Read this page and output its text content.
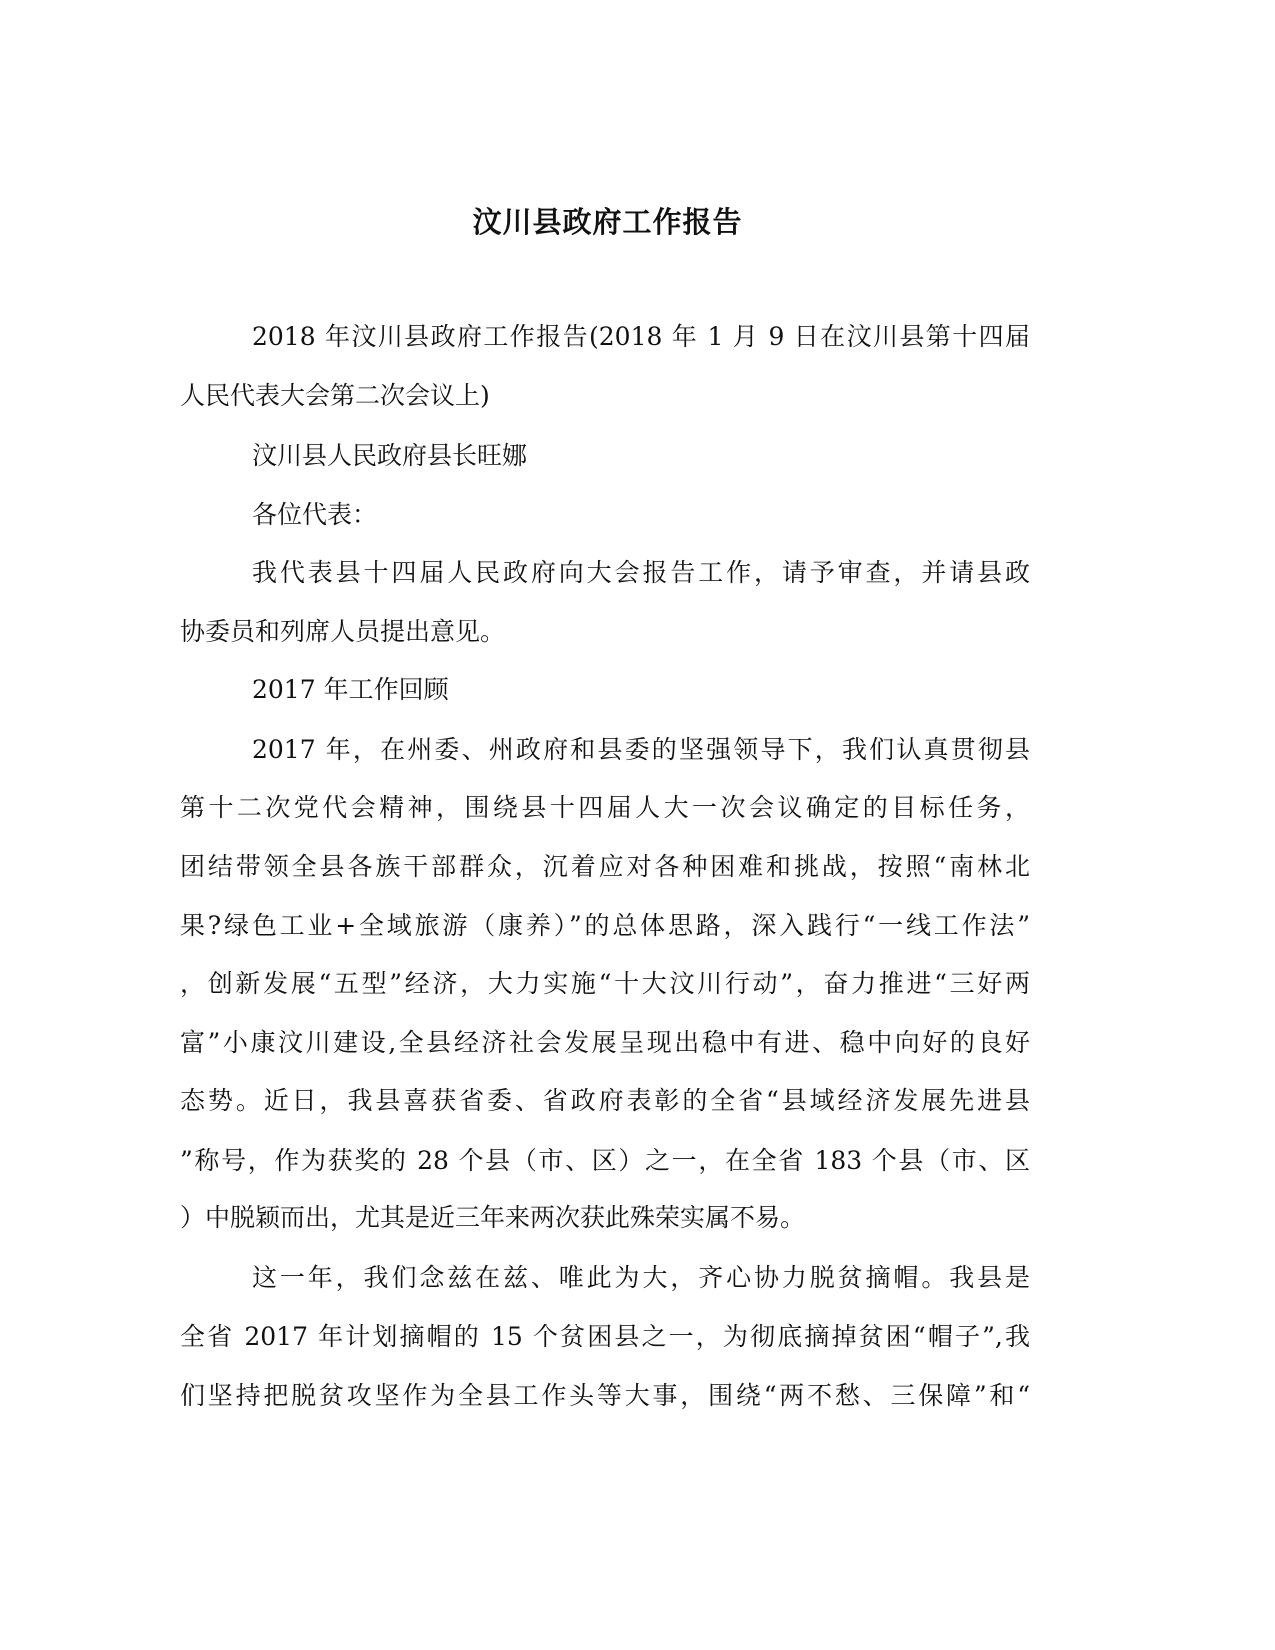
汶川县政府工作报告
2018 年汶川县政府工作报告(2018 年 1 月 9 日在汶川县第十四届
人民代表大会第二次会议上)
汶川县人民政府县长旺娜
各位代表：
我代表县十四届人民政府向大会报告工作，请予审查，并请县政
协委员和列席人员提出意见。
2017 年工作回顾
2017 年，在州委、州政府和县委的坚强领导下，我们认真贯彻县
第十二次党代会精神，围绕县十四届人大一次会议确定的目标任务，
团结带领全县各族干部群众，沉着应对各种困难和挑战，按照“南林北
果?绿色工业+全域旅游（康养）”的总体思路，深入践行“一线工作法”
，创新发展“五型”经济，大力实施“十大汶川行动”，奋力推进“三好两
富”小康汶川建设,全县经济社会发展呈现出稳中有进、稳中向好的良好
态势。近日，我县喜获省委、省政府表彰的全省“县域经济发展先进县
”称号，作为获奖的 28 个县（市、区）之一，在全省 183 个县（市、区
）中脱颖而出，尤其是近三年来两次获此殊荣实属不易。
这一年，我们念兹在兹、唯此为大，齐心协力脱贫摘帽。我县是
全省 2017 年计划摘帽的 15 个贫困县之一，为彻底摘掉贫困“帽子”,我
们坚持把脱贫攻坚作为全县工作头等大事，围绕“两不愁、三保障”和“
